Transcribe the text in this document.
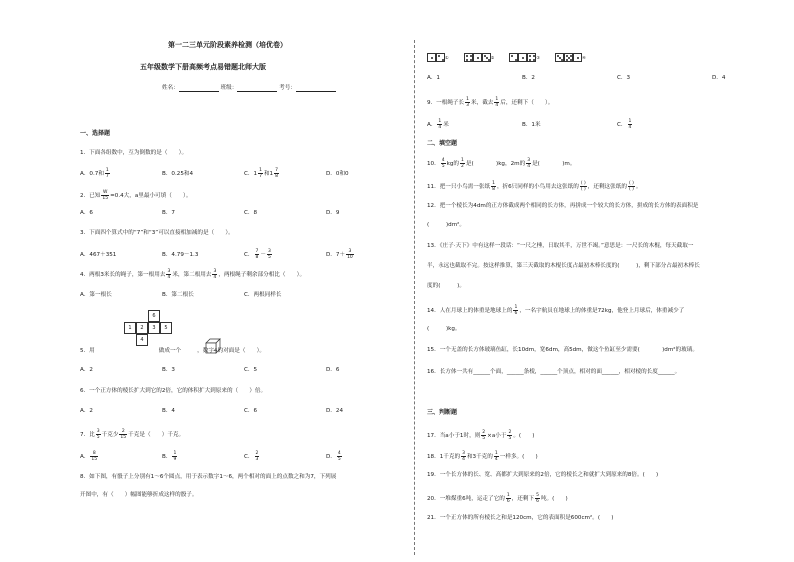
第一二三单元阶段素养检测（培优卷）
五年级数学下册高频考点易错题北师大版
姓名：	班级：	考号：
一、选择题
1．下面各组数中，互为倒数的是（　　）。
A．0.7和 $\frac{1}{7}$	B．0.25和4	C．$1 \frac{1}{7}$ 和$1 \frac{7}{8}$	D．0和0
2．已知 $\frac{W}{15} =0.4$大，a里最小可填（　　）。
A．6	B．7	C．8	D．9
3．下面四个算式中的“7”和“3”可以直接相加减的是（　　）。
A．467＋351	B．4.79－1.3	C． $\frac{7}{8} - \frac{3}{5}$	D．$7+ \frac{3}{10}$
4．两根3米长的绳子，第一根用去 $\frac{3}{4}$ 米，第二根用去 $\frac{3}{4}$ ，两根绳子剩余部分相比（　　）。
A．第一根长	B．第二根长	C．两根同样长
6
1	2	3	5
4
5．用	做成一个	，数字4的对面是（　　）。
A．2	B．3	C．5	D．6
6．一个正方体的棱长扩大到它的2倍，它的体积扩大到原来的（　　）倍。
A．2	B．4	C．6	D．24
7．比 $\frac{3}{5}$ 千克少 $\frac{2}{15}$ 千克是（　　）千克。
A． $\frac{8}{15}$	B． $\frac{1}{9}$	C． $\frac{2}{3}$	D． $\frac{4}{5}$
8．如下图，有骰子上分别有1～6个圆点，用于表示数字1～6，两个相对的面上的点数之和为7，下列展
开图中，有（　　）幅图能够折成这样的骰子。
①	②	③	④
A．1	B．2	C．3	D．4
9．一根绳子长 $\frac{1}{3}$ 米，截去 $\frac{1}{4}$ 后，还剩下（　　）。
A． $\frac{1}{4}$ 米	B．1米	C． $\frac{1}{4}$
二、填空题
10． $\frac{4}{5}$ kg的 $\frac{1}{2}$ 是(　　　　)kg，2m的 $\frac{3}{4}$ 是(　　　　)m。
11．把一只小鸟需一张纸 $\frac{1}{8}$ ，折6只同样的小鸟用去这张纸的 $\frac{( )}{( )}$ ，还剩这张纸的 $\frac{( )}{( )}$ 。
12．把一个棱长为4dm的正方体截成两个相同的长方体，再拼成一个较大的长方体，拼成的长方体的表面积是
(　　　)dm²。
13．《庄子·天下》中有这样一段话：“一尺之棰，日取其半，万世不竭。”意思是：一尺长的木棍，每天截取一
半，永远也截取不完。按这样推算，第三天截取的木棍长度占最初木棒长度的(　　　)，剩下部分占最初木棒长
度的(　　　)。
14．人在月球上的体重是地球上的 $\frac{1}{6}$ ，一名宇航员在地球上的体重是72kg，他登上月球后，体重减少了
(　　　)kg。
15．一个无盖的长方体玻璃鱼缸，长10dm，宽6dm，高5dm，做这个鱼缸至少需要(　　　　)dm²的玻璃。
16．长方体一共有______个面，______条棱，______个顶点，相对的面______，相对棱的长度______。
三、判断题
17．当a小于1时，则 $\frac{2}{5} \times a$小于 $\frac{2}{5}$ 。(　　)
18．1千克的 $\frac{3}{4}$ 和3千克的 $\frac{1}{4}$ 一样多。(　　)
19．一个长方体的长、宽、高都扩大到原来的2倍，它的棱长之和就扩大到原来的8倍。(　　)
20．一堆煤重6吨，运走了它的 $\frac{1}{6}$ ，还剩下 $\frac{5}{6}$ 吨。(　　)
21．一个正方体的所有棱长之和是120cm，它的表面积是600cm²。(　　)
